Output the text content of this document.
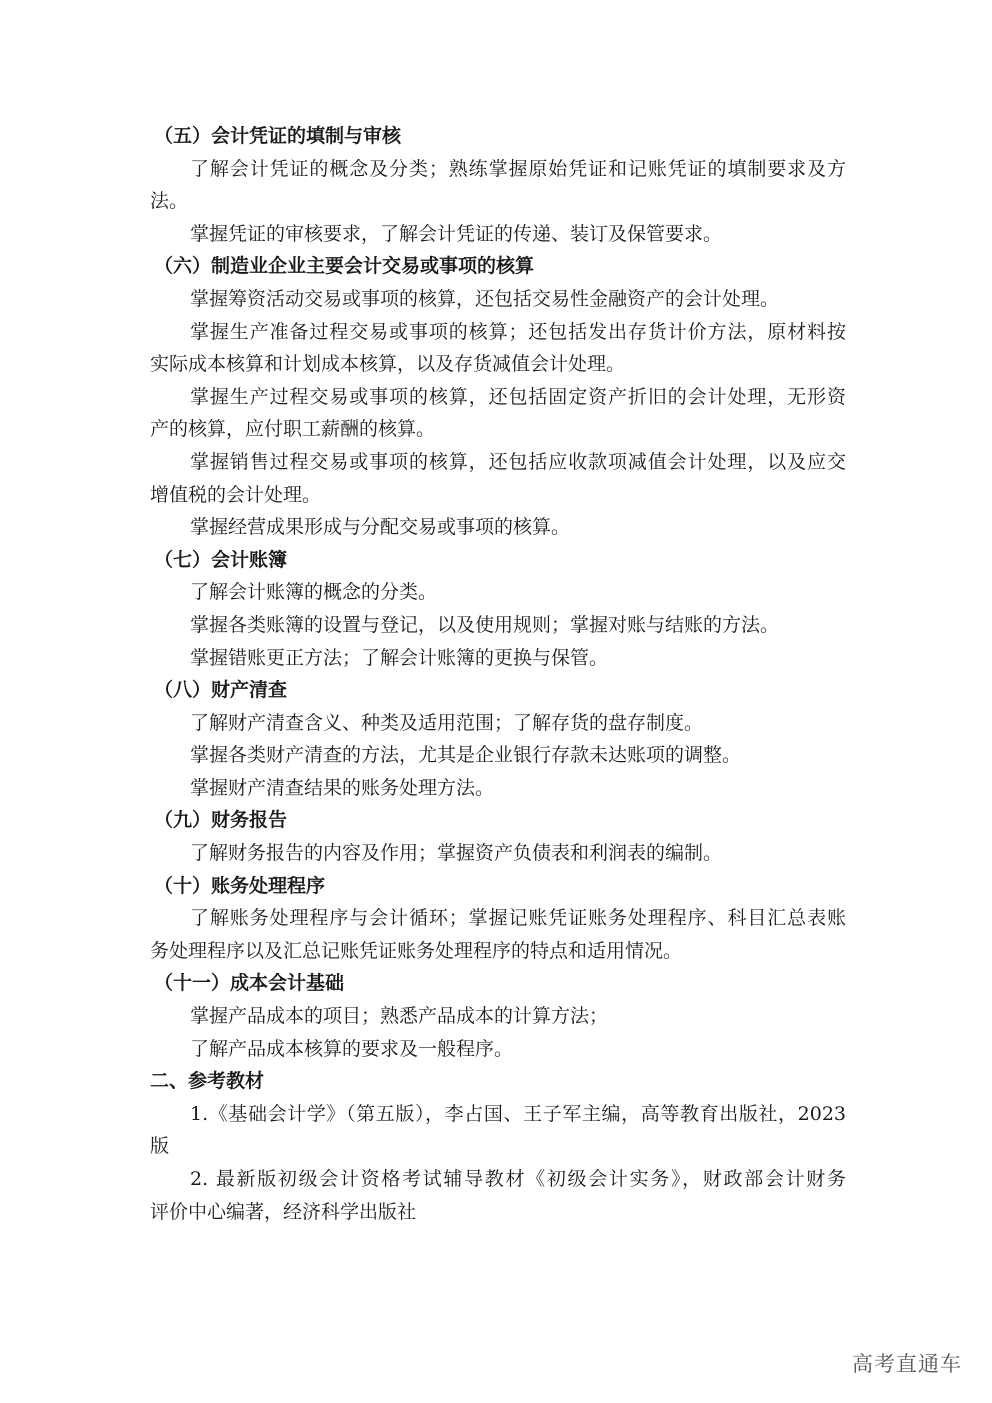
（五）会计凭证的填制与审核
了解会计凭证的概念及分类；熟练掌握原始凭证和记账凭证的填制要求及方
法。
掌握凭证的审核要求，了解会计凭证的传递、装订及保管要求。
（六）制造业企业主要会计交易或事项的核算
掌握筹资活动交易或事项的核算，还包括交易性金融资产的会计处理。
掌握生产准备过程交易或事项的核算；还包括发出存货计价方法，原材料按
实际成本核算和计划成本核算，以及存货减值会计处理。
掌握生产过程交易或事项的核算，还包括固定资产折旧的会计处理，无形资
产的核算，应付职工薪酬的核算。
掌握销售过程交易或事项的核算，还包括应收款项减值会计处理，以及应交
增值税的会计处理。
掌握经营成果形成与分配交易或事项的核算。
（七）会计账簿
了解会计账簿的概念的分类。
掌握各类账簿的设置与登记，以及使用规则；掌握对账与结账的方法。
掌握错账更正方法；了解会计账簿的更换与保管。
（八）财产清查
了解财产清查含义、种类及适用范围；了解存货的盘存制度。
掌握各类财产清查的方法，尤其是企业银行存款未达账项的调整。
掌握财产清查结果的账务处理方法。
（九）财务报告
了解财务报告的内容及作用；掌握资产负债表和利润表的编制。
（十）账务处理程序
了解账务处理程序与会计循环；掌握记账凭证账务处理程序、科目汇总表账
务处理程序以及汇总记账凭证账务处理程序的特点和适用情况。
（十一）成本会计基础
掌握产品成本的项目；熟悉产品成本的计算方法；
了解产品成本核算的要求及一般程序。
二、参考教材
1.《基础会计学》（第五版），李占国、王子军主编，高等教育出版社，2023
版
2. 最新版初级会计资格考试辅导教材《初级会计实务》，财政部会计财务
评价中心编著，经济科学出版社
高考直通车
